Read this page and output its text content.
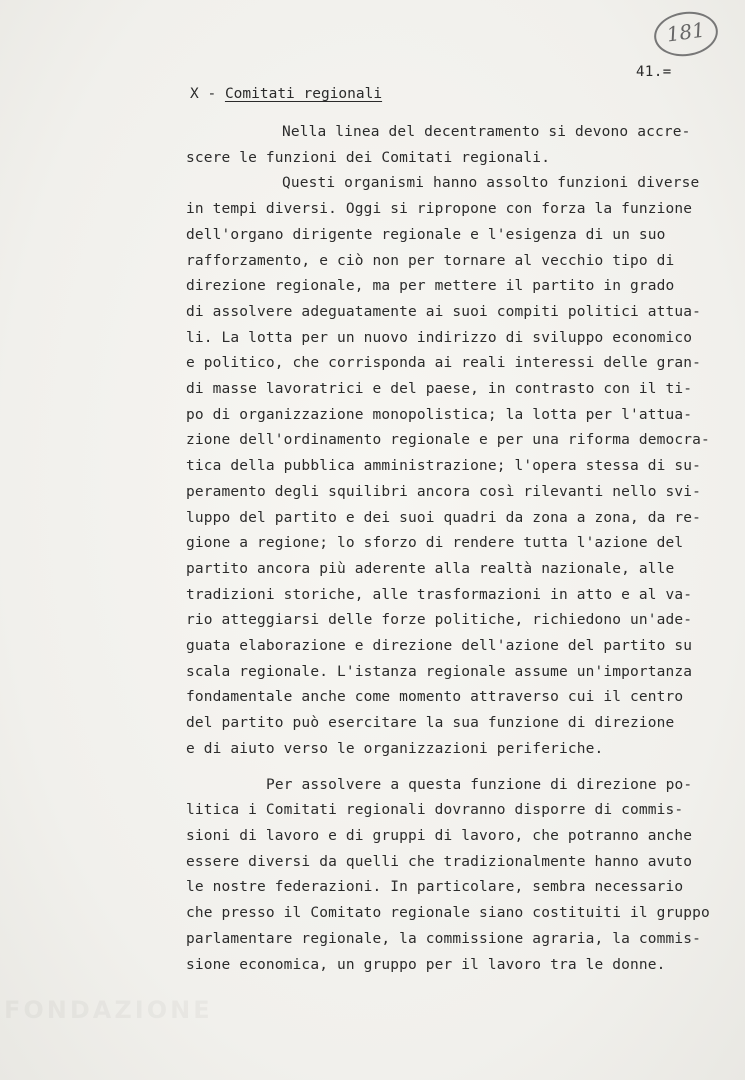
181
41.=
X - Comitati regionali
Nella linea del decentramento si devono accre-
scere le funzioni dei Comitati regionali.
Questi organismi hanno assolto funzioni diverse
in tempi diversi. Oggi si ripropone con forza la funzione
dell'organo dirigente regionale e l'esigenza di un suo
rafforzamento, e ciò non per tornare al vecchio tipo di
direzione regionale, ma per mettere il partito in grado
di assolvere adeguatamente ai suoi compiti politici attua-
li. La lotta per un nuovo indirizzo di sviluppo economico
e politico, che corrisponda ai reali interessi delle gran-
di masse lavoratrici e del paese, in contrasto con il ti-
po di organizzazione monopolistica; la lotta per l'attua-
zione dell'ordinamento regionale e per una riforma democra-
tica della pubblica amministrazione; l'opera stessa di su-
peramento degli squilibri ancora così rilevanti nello svi-
luppo del partito e dei suoi quadri da zona a zona, da re-
gione a regione; lo sforzo di rendere tutta l'azione del
partito ancora più aderente alla realtà nazionale, alle
tradizioni storiche, alle trasformazioni in atto e al va-
rio atteggiarsi delle forze politiche, richiedono un'ade-
guata elaborazione e direzione dell'azione del partito su
scala regionale. L'istanza regionale assume un'importanza
fondamentale anche come momento attraverso cui il centro
del partito può esercitare la sua funzione di direzione
e di aiuto verso le organizzazioni periferiche.
Per assolvere a questa funzione di direzione po-
litica i Comitati regionali dovranno disporre di commis-
sioni di lavoro e di gruppi di lavoro, che potranno anche
essere diversi da quelli che tradizionalmente hanno avuto
le nostre federazioni. In particolare, sembra necessario
che presso il Comitato regionale siano costituiti il gruppo
parlamentare regionale, la commissione agraria, la commis-
sione economica, un gruppo per il lavoro tra le donne.
